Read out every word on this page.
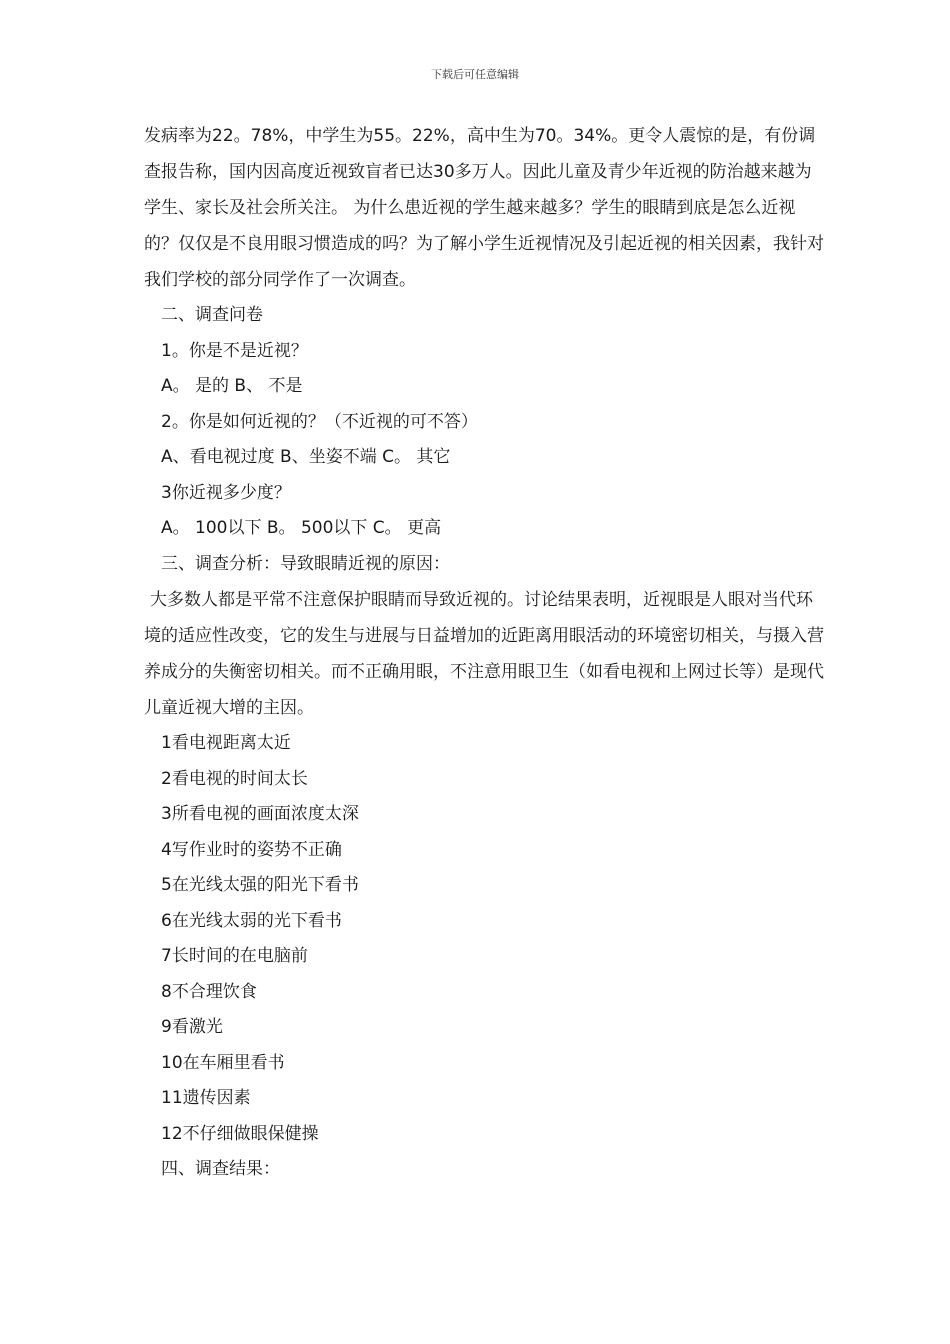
下载后可任意编辑

发病率为22。78%，中学生为55。22%，高中生为70。34%。更令人震惊的是，有份调查报告称，国内因高度近视致盲者已达30多万人。因此儿童及青少年近视的防治越来越为学生、家长及社会所关注。 为什么患近视的学生越来越多？学生的眼睛到底是怎么近视的？仅仅是不良用眼习惯造成的吗？为了解小学生近视情况及引起近视的相关因素，我针对我们学校的部分同学作了一次调查。

二、调查问卷

1。你是不是近视？

A。 是的 B、 不是

2。你是如何近视的？（不近视的可不答）

A、看电视过度 B、坐姿不端 C。 其它

3你近视多少度？

A。 100以下 B。 500以下 C。 更高

三、调查分析：导致眼睛近视的原因：

大多数人都是平常不注意保护眼睛而导致近视的。讨论结果表明，近视眼是人眼对当代环境的适应性改变，它的发生与进展与日益增加的近距离用眼活动的环境密切相关，与摄入营养成分的失衡密切相关。而不正确用眼，不注意用眼卫生（如看电视和上网过长等）是现代儿童近视大增的主因。

1看电视距离太近

2看电视的时间太长

3所看电视的画面浓度太深

4写作业时的姿势不正确

5在光线太强的阳光下看书

6在光线太弱的光下看书

7长时间的在电脑前

8不合理饮食

9看激光

10在车厢里看书

11遗传因素

12不仔细做眼保健操

四、调查结果：
